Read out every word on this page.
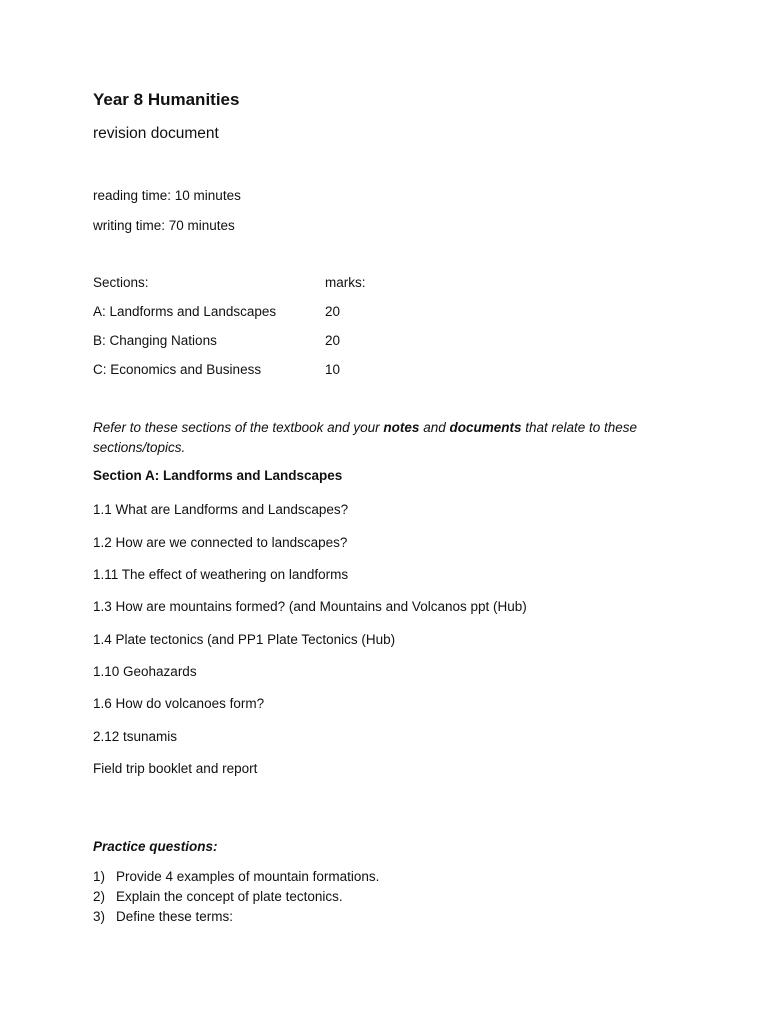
Year 8 Humanities
revision document
reading time: 10 minutes
writing time: 70 minutes
Sections:	marks:
A: Landforms and Landscapes	20
B: Changing Nations	20
C: Economics and Business	10
Refer to these sections of the textbook and your notes and documents that relate to these sections/topics.
Section A: Landforms and Landscapes
1.1 What are Landforms and Landscapes?
1.2 How are we connected to landscapes?
1.11 The effect of weathering on landforms
1.3 How are mountains formed? (and Mountains and Volcanos ppt (Hub)
1.4 Plate tectonics (and PP1 Plate Tectonics (Hub)
1.10 Geohazards
1.6 How do volcanoes form?
2.12 tsunamis
Field trip booklet and report
Practice questions:
1) Provide 4 examples of mountain formations.
2) Explain the concept of plate tectonics.
3) Define these terms:
